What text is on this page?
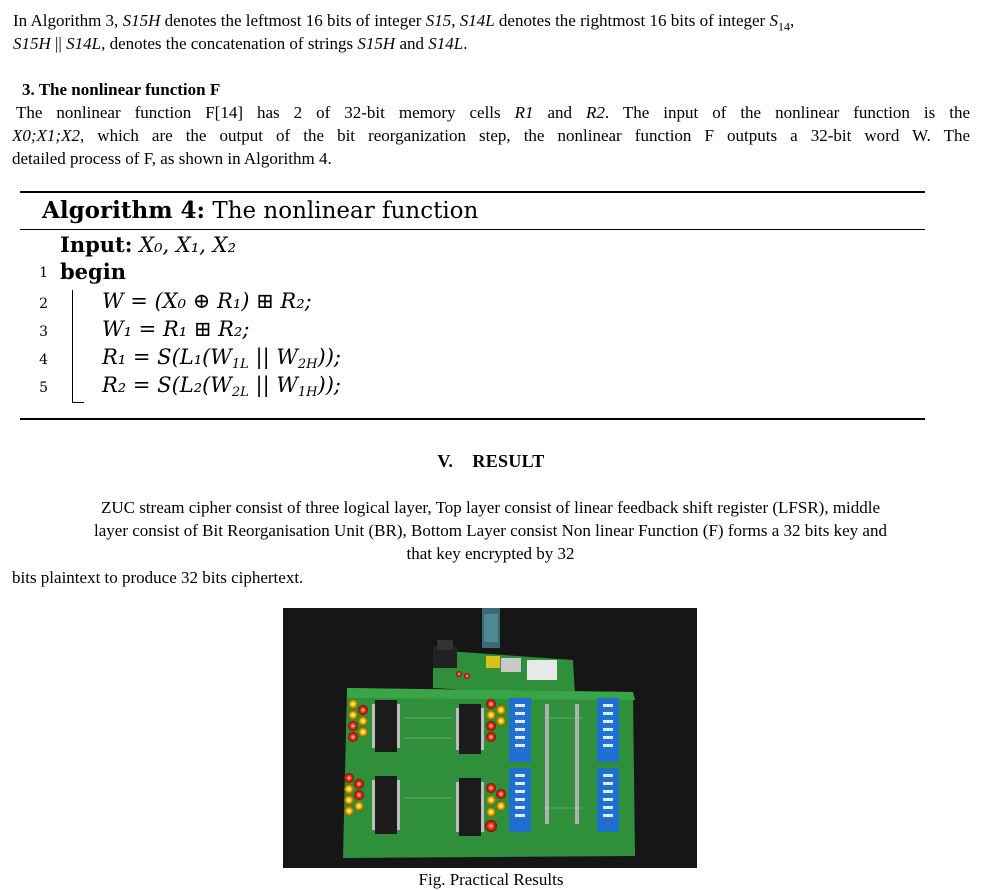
In Algorithm 3, S15H denotes the leftmost 16 bits of integer S15, S14L denotes the rightmost 16 bits of integer $S_{14}$,
S15H || S14L, denotes the concatenation of strings S15H and S14L.
3. The nonlinear function F
The nonlinear function F[14] has 2 of 32-bit memory cells R1 and R2. The input of the nonlinear function is the
X0;X1;X2, which are the output of the bit reorganization step, the nonlinear function F outputs a 32-bit word W. The
detailed process of F, as shown in Algorithm 4.
Algorithm 4: The nonlinear function
Input: X₀, X₁, X₂
1 begin
2	W = (X₀ ⊕ R₁) ⊞ R₂;
3	W₁ = R₁ ⊞ R₂;
4	$R_1 = S(L_1(W_{1L}$ || $W_{2H}$));
5	$R_2 = S(L_2(W_{2L}$ || $W_{1H}$));
V.    RESULT
ZUC stream cipher consist of three logical layer, Top layer consist of linear feedback shift register (LFSR), middle
layer consist of Bit Reorganisation Unit (BR), Bottom Layer consist Non linear Function (F) forms a 32 bits key and
that key encrypted by 32
bits plaintext to produce 32 bits ciphertext.
Fig. Practical Results
